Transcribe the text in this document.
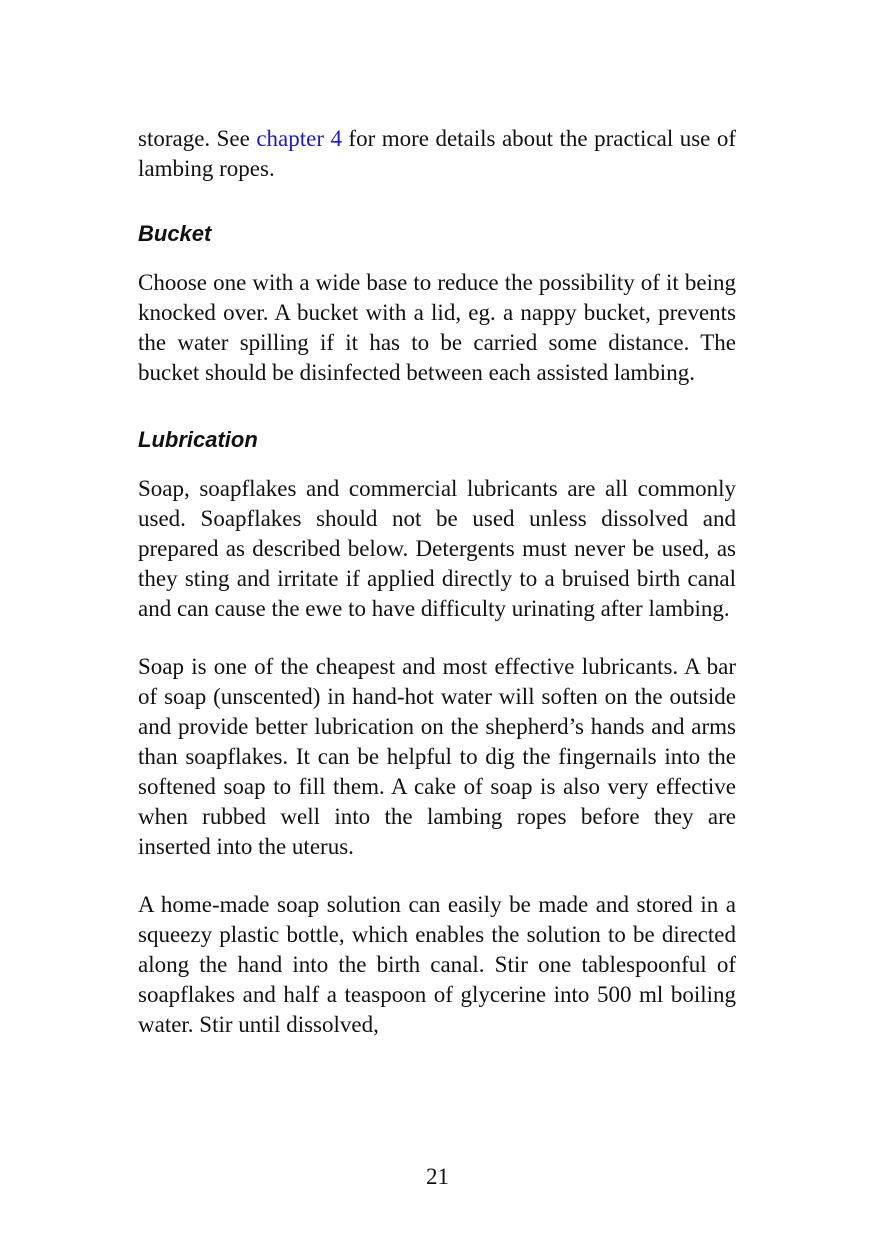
storage. See chapter 4 for more details about the practical use of lambing ropes.

Bucket

Choose one with a wide base to reduce the possibility of it being knocked over. A bucket with a lid, eg. a nappy bucket, prevents the water spilling if it has to be carried some distance. The bucket should be disinfected between each assisted lambing.

Lubrication

Soap, soapflakes and commercial lubricants are all commonly used. Soapflakes should not be used unless dissolved and prepared as described below. Detergents must never be used, as they sting and irritate if applied directly to a bruised birth canal and can cause the ewe to have difficulty urinating after lambing.

Soap is one of the cheapest and most effective lubricants. A bar of soap (unscented) in hand-hot water will soften on the outside and provide better lubrication on the shepherd’s hands and arms than soapflakes. It can be helpful to dig the fingernails into the softened soap to fill them. A cake of soap is also very effective when rubbed well into the lambing ropes before they are inserted into the uterus.

A home-made soap solution can easily be made and stored in a squeezy plastic bottle, which enables the solution to be directed along the hand into the birth canal. Stir one tablespoonful of soapflakes and half a teaspoon of glycerine into 500 ml boiling water. Stir until dissolved,

21
